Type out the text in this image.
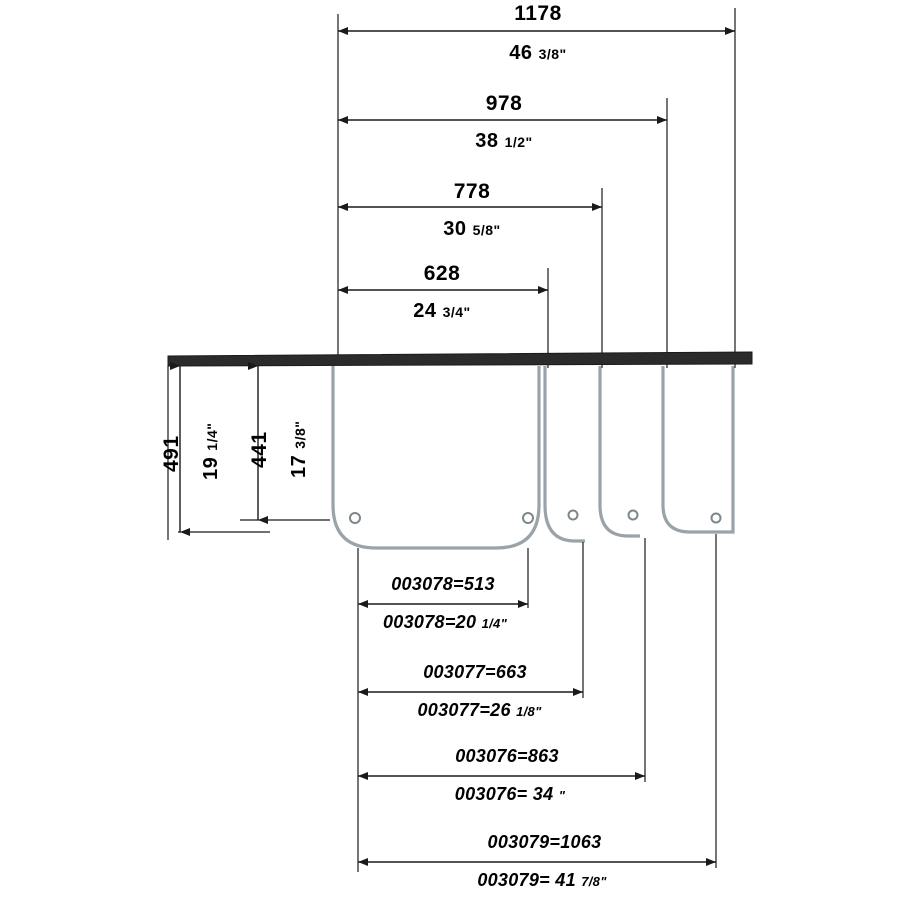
1178
46 3/8"
978
38 1/2"
778
30 5/8"
628
24 3/4"
491 19 1/4" 441 17 3/8"
003078=513
003078=20 1/4"
003077=663
003077=26 1/8"
003076=863
003076= 34 "
003079=1063
003079= 41 7/8"
